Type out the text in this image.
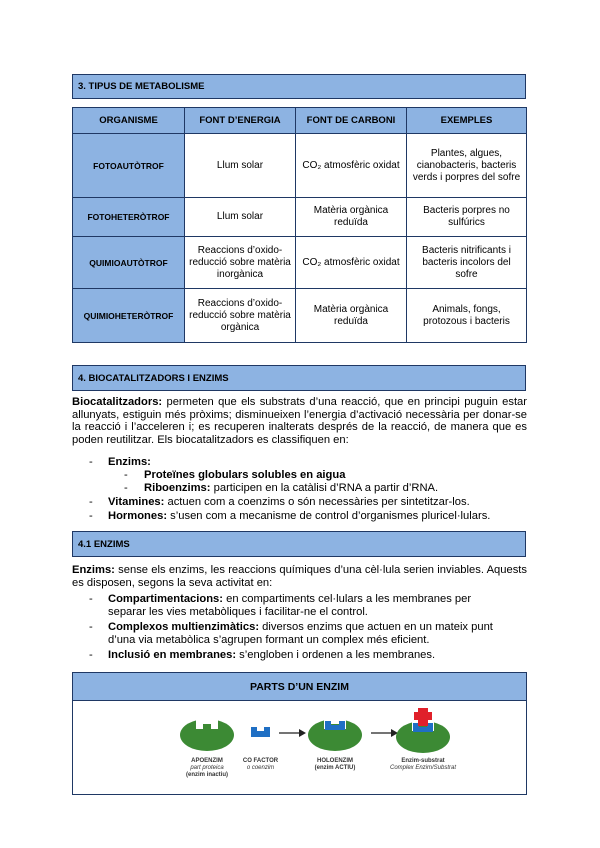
3. TIPUS DE METABOLISME
ORGANISME	FONT D’ENERGIA	FONT DE CARBONI	EXEMPLES
FOTOAUTÒTROF	Llum solar	CO₂ atmosfèric oxidat	Plantes, algues, cianobacteris, bacteris verds i porpres del sofre
FOTOHETERÒTROF	Llum solar	Matèria orgànica reduïda	Bacteris porpres no sulfúrics
QUIMIOAUTÒTROF	Reaccions d’oxido-reducció sobre matèria inorgànica	CO₂ atmosfèric oxidat	Bacteris nitrificants i bacteris incolors del sofre
QUIMIOHETERÒTROF	Reaccions d’oxido-reducció sobre matèria orgànica	Matèria orgànica reduïda	Animals, fongs, protozous i bacteris
4. BIOCATALITZADORS I ENZIMS
Biocatalitzadors: permeten que els substrats d’una reacció, que en principi puguin estar allunyats, estiguin més pròxims; disminueixen l’energia d’activació necessària per donar-se la reacció i l’acceleren i; es recuperen inalterats després de la reacció, de manera que es poden reutilitzar. Els biocatalitzadors es classifiquen en:
- Enzims:
- Proteïnes globulars solubles en aigua
- Riboenzims: participen en la catàlisi d’RNA a partir d’RNA.
- Vitamines: actuen com a coenzims o són necessàries per sintetitzar-los.
- Hormones: s’usen com a mecanisme de control d’organismes pluricel·lulars.
4.1 ENZIMS
Enzims: sense els enzims, les reaccions químiques d’una cèl·lula serien inviables. Aquests es disposen, segons la seva activitat en:
- Compartimentacions: en compartiments cel·lulars a les membranes per
separar les vies metabòliques i facilitar-ne el control.
- Complexos multienzimàtics: diversos enzims que actuen en un mateix punt
d’una via metabòlica s’agrupen formant un complex més eficient.
- Inclusió en membranes: s’engloben i ordenen a les membranes.
PARTS D’UN ENZIM
APOENZIM
part proteica
(enzim inactiu)
CO FACTOR
o coenzim
HOLOENZIM
(enzim ACTIU)
Enzim-substrat
Complex Enzim/Substrat
